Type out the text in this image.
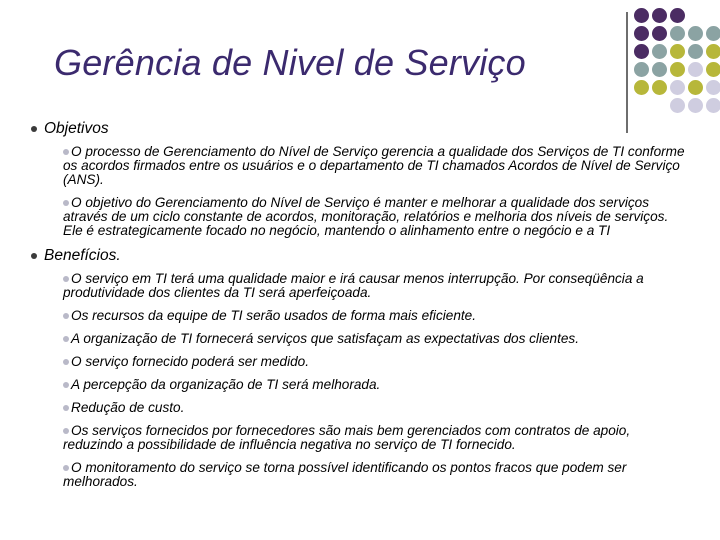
Gerência de Nivel de Serviço
Objetivos
O processo de Gerenciamento do Nível de Serviço gerencia a qualidade dos Serviços de TI conforme os acordos firmados entre os usuários e o departamento de TI chamados Acordos de Nível de Serviço (ANS).
O objetivo do Gerenciamento do Nível de Serviço é manter e melhorar a qualidade dos serviços através de um ciclo constante de acordos, monitoração, relatórios e melhoria dos níveis de serviços. Ele é estrategicamente focado no negócio, mantendo o alinhamento entre o negócio e a TI
Benefícios.
O serviço em TI terá uma qualidade maior e irá causar menos interrupção. Por conseqüência a produtividade dos clientes da TI será aperfeiçoada.
Os recursos da equipe de TI serão usados de forma mais eficiente.
A organização de TI fornecerá serviços que satisfaçam as expectativas dos clientes.
O serviço fornecido poderá ser medido.
A percepção da organização de TI será melhorada.
Redução de custo.
Os serviços fornecidos por fornecedores são mais bem gerenciados com contratos de apoio, reduzindo a possibilidade de influência negativa no serviço de TI fornecido.
O monitoramento do serviço se torna possível identificando os pontos fracos que podem ser melhorados.
